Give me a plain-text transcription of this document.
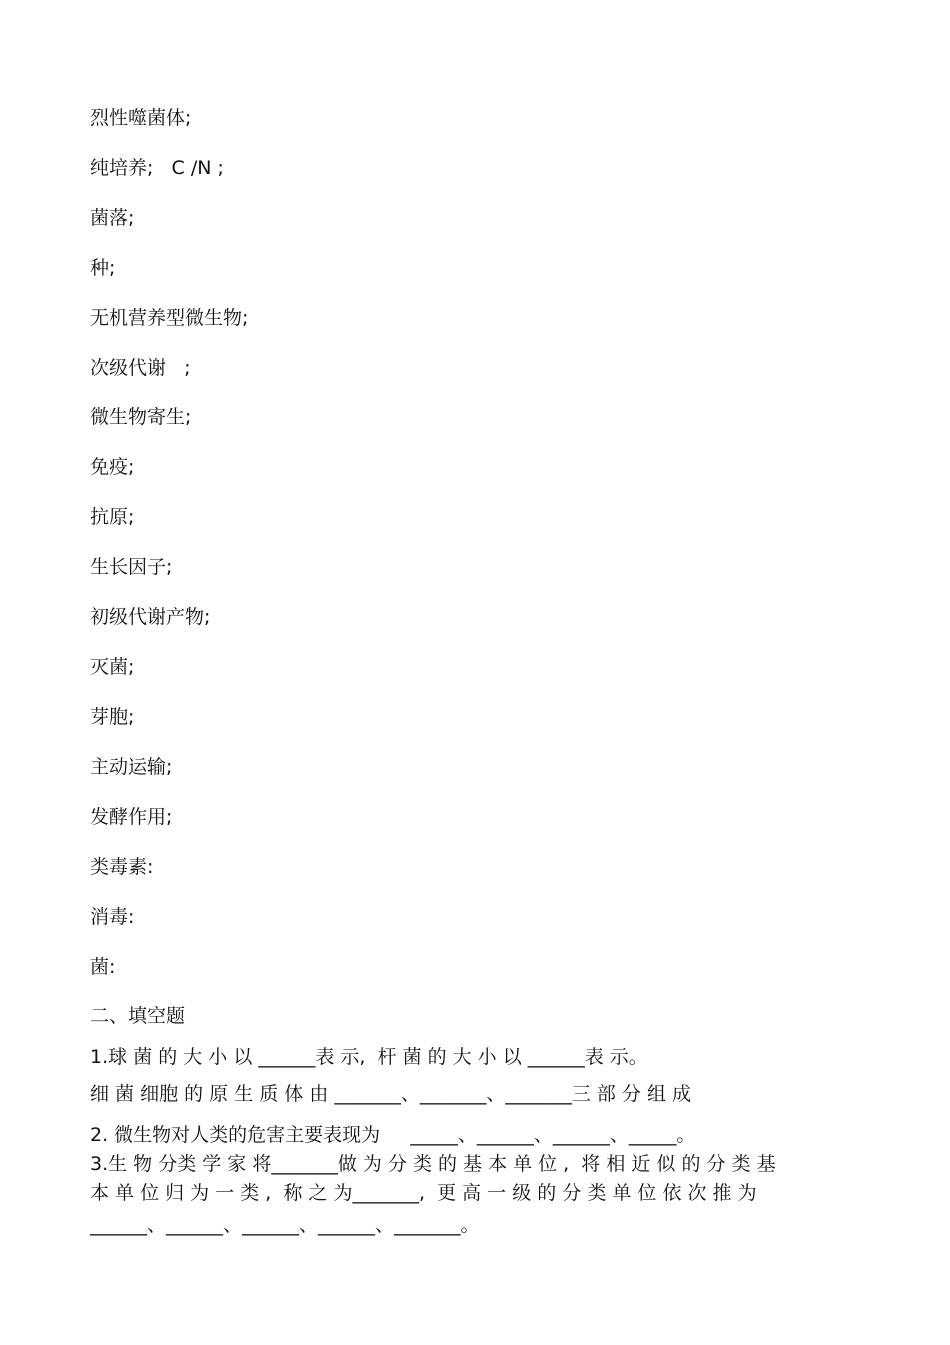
烈性噬菌体;
纯培养;   C /N ;
菌落;
种;
无机营养型微生物;
次级代谢   ;
微生物寄生;
免疫;
抗原;
生长因子;
初级代谢产物;
灭菌;
芽胞;
主动运输;
发酵作用;
类毒素:
消毒:
菌:
二、填空题
1.球 菌 的 大 小 以 ______表 示,  杆 菌 的 大 小 以 ______表 示。
细 菌 细胞 的 原 生 质 体 由 _______、_______、_______三 部 分 组 成
2. 微生物对人类的危害主要表现为     _____、______、______、_____。
3.生 物 分类 学 家 将_______做 为 分 类 的 基 本 单 位 ,  将 相 近 似 的 分 类 基
本 单 位 归 为 一 类 ,  称 之 为_______,  更 高 一 级 的 分 类 单 位 依 次 推 为
______、______、______、______、_______。
